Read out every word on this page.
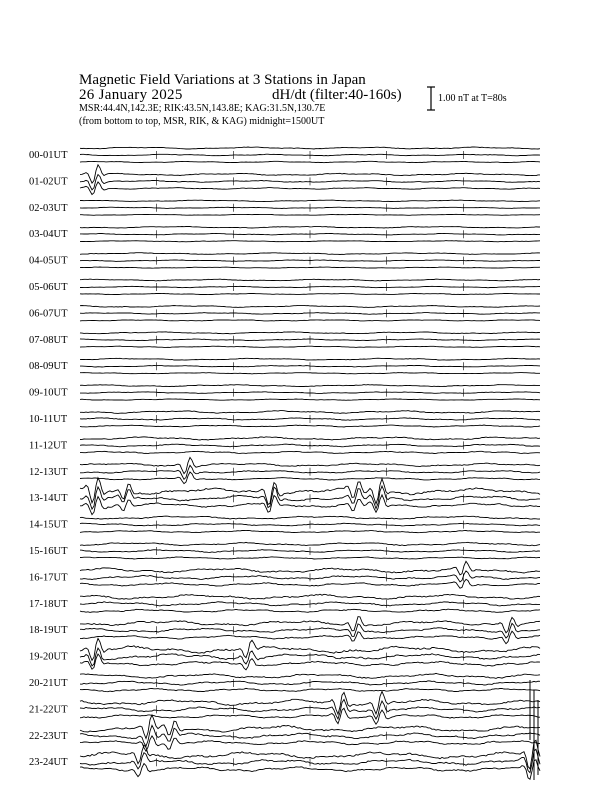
Magnetic Field Variations at 3 Stations in Japan
26 January 2025	dH/dt (filter:40-160s)
MSR:44.4N,142.3E; RIK:43.5N,143.8E; KAG:31.5N,130.7E
(from bottom to top, MSR, RIK, & KAG) midnight=1500UT
1.00 nT at T=80s
00-01UT
01-02UT
02-03UT
03-04UT
04-05UT
05-06UT
06-07UT
07-08UT
08-09UT
09-10UT
10-11UT
11-12UT
12-13UT
13-14UT
14-15UT
15-16UT
16-17UT
17-18UT
18-19UT
19-20UT
20-21UT
21-22UT
22-23UT
23-24UT
